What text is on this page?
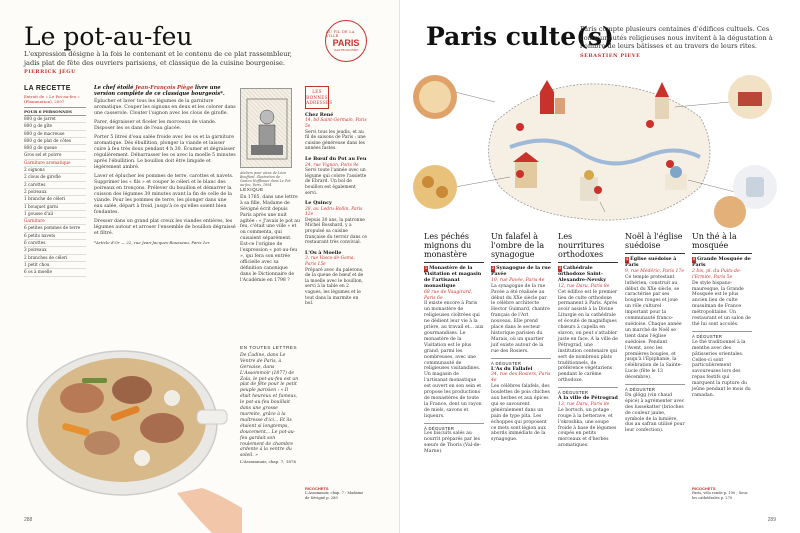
Le pot-au-feu

L'expression désigne à la fois le contenant et le contenu de ce plat rassembleur, jadis plat de fête des ouvriers parisiens, et classique de la cuisine bourgeoise.

PIERRICK JÉGU
AU FIL DE LA VILLE
PARIS
GASTRONOMIE
LA RECETTE
Extrait de « Le Pot-au-feu » (Flammarion), 2007
POUR 6 PERSONNES
800 g de jarret
800 g de gîte
800 g de macreuse
800 g de plat de côtes
800 g de queue
Gros sel et poivre
Garniture aromatique
2 oignons
2 clous de girofle
2 carottes
2 poireaux
1 branche de céleri
1 bouquet garni
1 gousse d'ail
Garniture
6 petites pommes de terre
6 petits navets
6 carottes
3 poireaux
2 branches de céleri
1 petit chou
6 os à moelle
Le chef étoilé Jean-François Piège livre une version complète de ce classique bourgeois*.

Éplucher et laver tous les légumes de la garniture aromatique. Couper les oignons en deux et les colorer dans une casserole. Clouter l'oignon avec les clous de girofle.

Parer, dégraisser et ficeler les morceaux de viande. Disposer les os dans de l'eau glacée.

Porter 5 litres d'eau salée froide avec les os et la garniture aromatique. Dès ébullition, plonger la viande et laisser cuire à feu très doux pendant 4 h 30. Écumer et dégraisser régulièrement. Débarrasser les os avec la moelle 5 minutes après l'ébullition. Le bouillon doit être limpide et légèrement ambré.

Laver et éplucher les pommes de terre, carottes et navets. Supprimer les « fils » et couper le céleri et le blanc des poireaux en tronçons. Prélever du bouillon et démarrer la cuisson des légumes 30 minutes avant la fin de celle de la viande. Pour les pommes de terre, les plonger dans une eau salée, départ à froid, jusqu'à ce qu'elles soient bien fondantes.

Dresser dans un grand plat creux les viandes entières, les légumes autour et arroser l'ensemble de bouillon dégraissé et filtré.

*Article d'Or — 22, rue Jean-Jacques-Rousseau, Paris 1er

Ateliers pour aïeux de Léon Bouffard, illustration de Gaston Hoffbauer dans Le Pot-au-feu, Paris, 1894
LEXIQUE
En 1765, dans une lettre à sa fille, Madame de Sévigné écrit depuis Paris après une nuit agitée : « J'avais le pot au feu, c'était une ville » et on commenta, qui cuisaient séparément. Est-ce l'origine de l'expression « pot-au-feu », qui fera son entrée officielle avec sa définition canonique dans le Dictionnaire de l'Académie en 1798 ?
EN TOUTES LETTRES
De Cadine, dans Le Ventre de Paris, à Gervaise, dans L'Assommoir (1877) de Zola, le pot-au-feu est un plat de fête pour le petit peuple parisien : « Il était heureux et fumeux, le pot-au-feu bouillait dans une grosse marmite, grâce à la maîtresse d'ici... Et ils étaient si longtemps, doucement... Le pot-au-feu gardait son roulement de chambre ardente à la ventre du soleil. »
L'Assommoir, chap. 7, 1876
LES BONNES ADRESSES
Chez René
14, bd Saint-Germain, Paris 5e
Servi tous les jeudis, et au fil de saisons de Paris : une cuisine généreuse dans les années fastes.
Le Bœuf du Pot au Feu
24, rue Vignon, Paris 9e
Servi toute l'année avec un légume qui colore l'assiette de Ebrard. Un bol de bouillon est également servi.
Le Quincy
28, av. Ledru-Rollin, Paris 12e
Depuis 30 ans, la patronne Michel Bosshard, y a propulsé sa cuisine française du terroir dans ce restaurant très convivial.
L'Os à Moelle
3, rue Vasco-de-Gama, Paris 15e
Préparé avec du palerons, de la queue de bœuf et de la moelle avec le bouillon, servi à la table en 2 vagues, les légumes et le tout dans la marmite en bol.
RICOCHETS
L'Assommoir, chap. 7 : Madame de Sévigné p. 289
288
Paris culte(s)

Paris compte plusieurs centaines d'édifices cultuels. Ces communautés religieuses nous invitent à la dégustation à l'ombre de leurs bâtisses et au travers de leurs rites.

SÉBASTIEN PIEVE
Les péchés mignons du monastère
1 Monastère de la Visitation et magasin de l'artisanat monastique
68 rue de Vaugirard, Paris 6e

Il existe encore à Paris un monastère de religieuses cloîtrées qui ne dédient leur vie à la prière, au travail et... aux gourmandises. Le monastère de la Visitation est le plus grand, parmi les nombreuses, avec une communauté de religieuses visitandines. Un magasin de l'artisanat monastique est ouvert en son sein et propose les productions de monastères de toute la France, dont un rayon de miels, savons et liqueurs.

À DÉGUSTER

Les biscuits salés au nourrit préparés par les sœurs de Thoris (Val-de-Marne).

Un falafel à l'ombre de la synagogue
2 Synagogue de la rue Pavée
10, rue Pavée, Paris 4e

La synagogue de la rue Pavée a été réalisée au début du XXe siècle par le célèbre architecte Hector Guimard, chantre français de l'Art nouveau. Elle prend place dans le secteur historique parisien du Marais, où un quartier juif existe autour de la rue des Rosiers.

À DÉGUSTER
L'As du Fallafel
34, rue des Rosiers, Paris 4e

Les célèbres falafels, des boulettes de pois chiches aux herbes et aux épices qui se savourent généralement dans un pain de type pita. Les échoppes qui proposent ce mets sont légion aux abords immédiats de la synagogue.

Les nourritures orthodoxes
3 Cathédrale orthodoxe Saint-Alexandre-Nevsky
12, rue Daru, Paris 8e

Cet édifice est le premier lieu de culte orthodoxe permanent à Paris. Après avoir assisté à la Divine Liturgie en la cathédrale et écouté de magnifiques chœurs à capella en slavon, on peut s'attabler juste en face. À la ville de Pétrograd, une institution centenaire qui sert de nombreux plats traditionnels, de préférence végétariens pendant le carême orthodoxe.

À DÉGUSTER
À la ville de Pétrograd
13, rue Daru, Paris 8e

Le bortsch, un potage rouge à la betterave, et l'okroshka, une soupe froide à base de légumes coupés en petits morceaux et d'herbes aromatiques.

Noël à l'église suédoise
4 Église suédoise à Paris
9, rue Médéric, Paris 17e

Ce temple protestant luthérien, construit au début du XXe siècle, se caractérise par ses bougies rouges et joue un rôle culturel important pour la communauté franco-suédoise. Chaque année un marché de Noël se tient dans l'église suédoise. Pendant l'Avent, avec les premières bougies, et jusqu'à l'Épiphanie, la célébration de la Sainte-Lucie (fête le 13 décembre).

À DÉGUSTER

Du glögg (vin chaud épicé) à agrémenter avec des lussekatter (brioches de couleur jaune, symbole de la lumière, dus au safran utilisé pour leur confection).

Un thé à la mosquée
5 Grande Mosquée de Paris
2 bis, pl. du Puits-de-l'Ermite, Paris 5e

De style hispano-mauresque, la Grande Mosquée est le plus ancien lieu de culte musulman de France métropolitaine. Un restaurant et un salon de thé lui sont accolés.

À DÉGUSTER

Le thé traditionnel à la menthe avec des pâtisseries orientales. Celles-ci sont particulièrement savoureuses lors des repas festifs qui marquent la rupture du jeûne pendant le mois du ramadan.

RICOCHETS
Paris, vélo ronde p. 190 ; Sous les cathédrales p. 270
289
